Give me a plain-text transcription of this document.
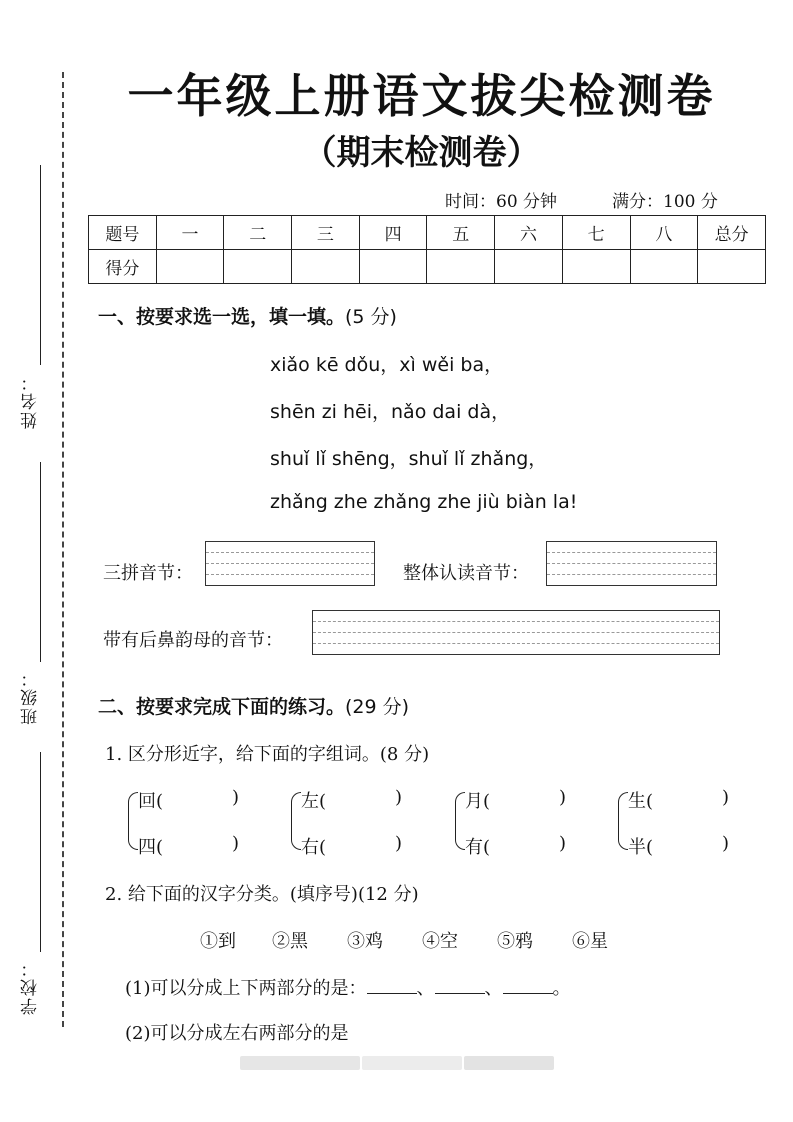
姓名：
班级：
学校：
一年级上册语文拔尖检测卷
（期末检测卷）
时间：60 分钟	满分：100 分
题号	一	二	三	四	五	六	七	八	总分
得分									
一、按要求选一选，填一填。(5 分)
xiǎo kē dǒu，xì wěi ba，
shēn zi hēi，nǎo dai dà，
shuǐ lǐ shēng，shuǐ lǐ zhǎng，
zhǎng zhe zhǎng zhe jiù biàn la!
三拼音节：	整体认读音节：
带有后鼻韵母的音节：
二、按要求完成下面的练习。(29 分)
1. 区分形近字，给下面的字组词。(8 分)
回(	)
四(	)
左(	)
右(	)
月(	)
有(	)
生(	)
半(	)
2. 给下面的汉字分类。(填序号)(12 分)
①到 ②黑 ③鸡 ④空 ⑤鸦 ⑥星
(1)可以分成上下两部分的是：	、	、	。
(2)可以分成左右两部分的是
